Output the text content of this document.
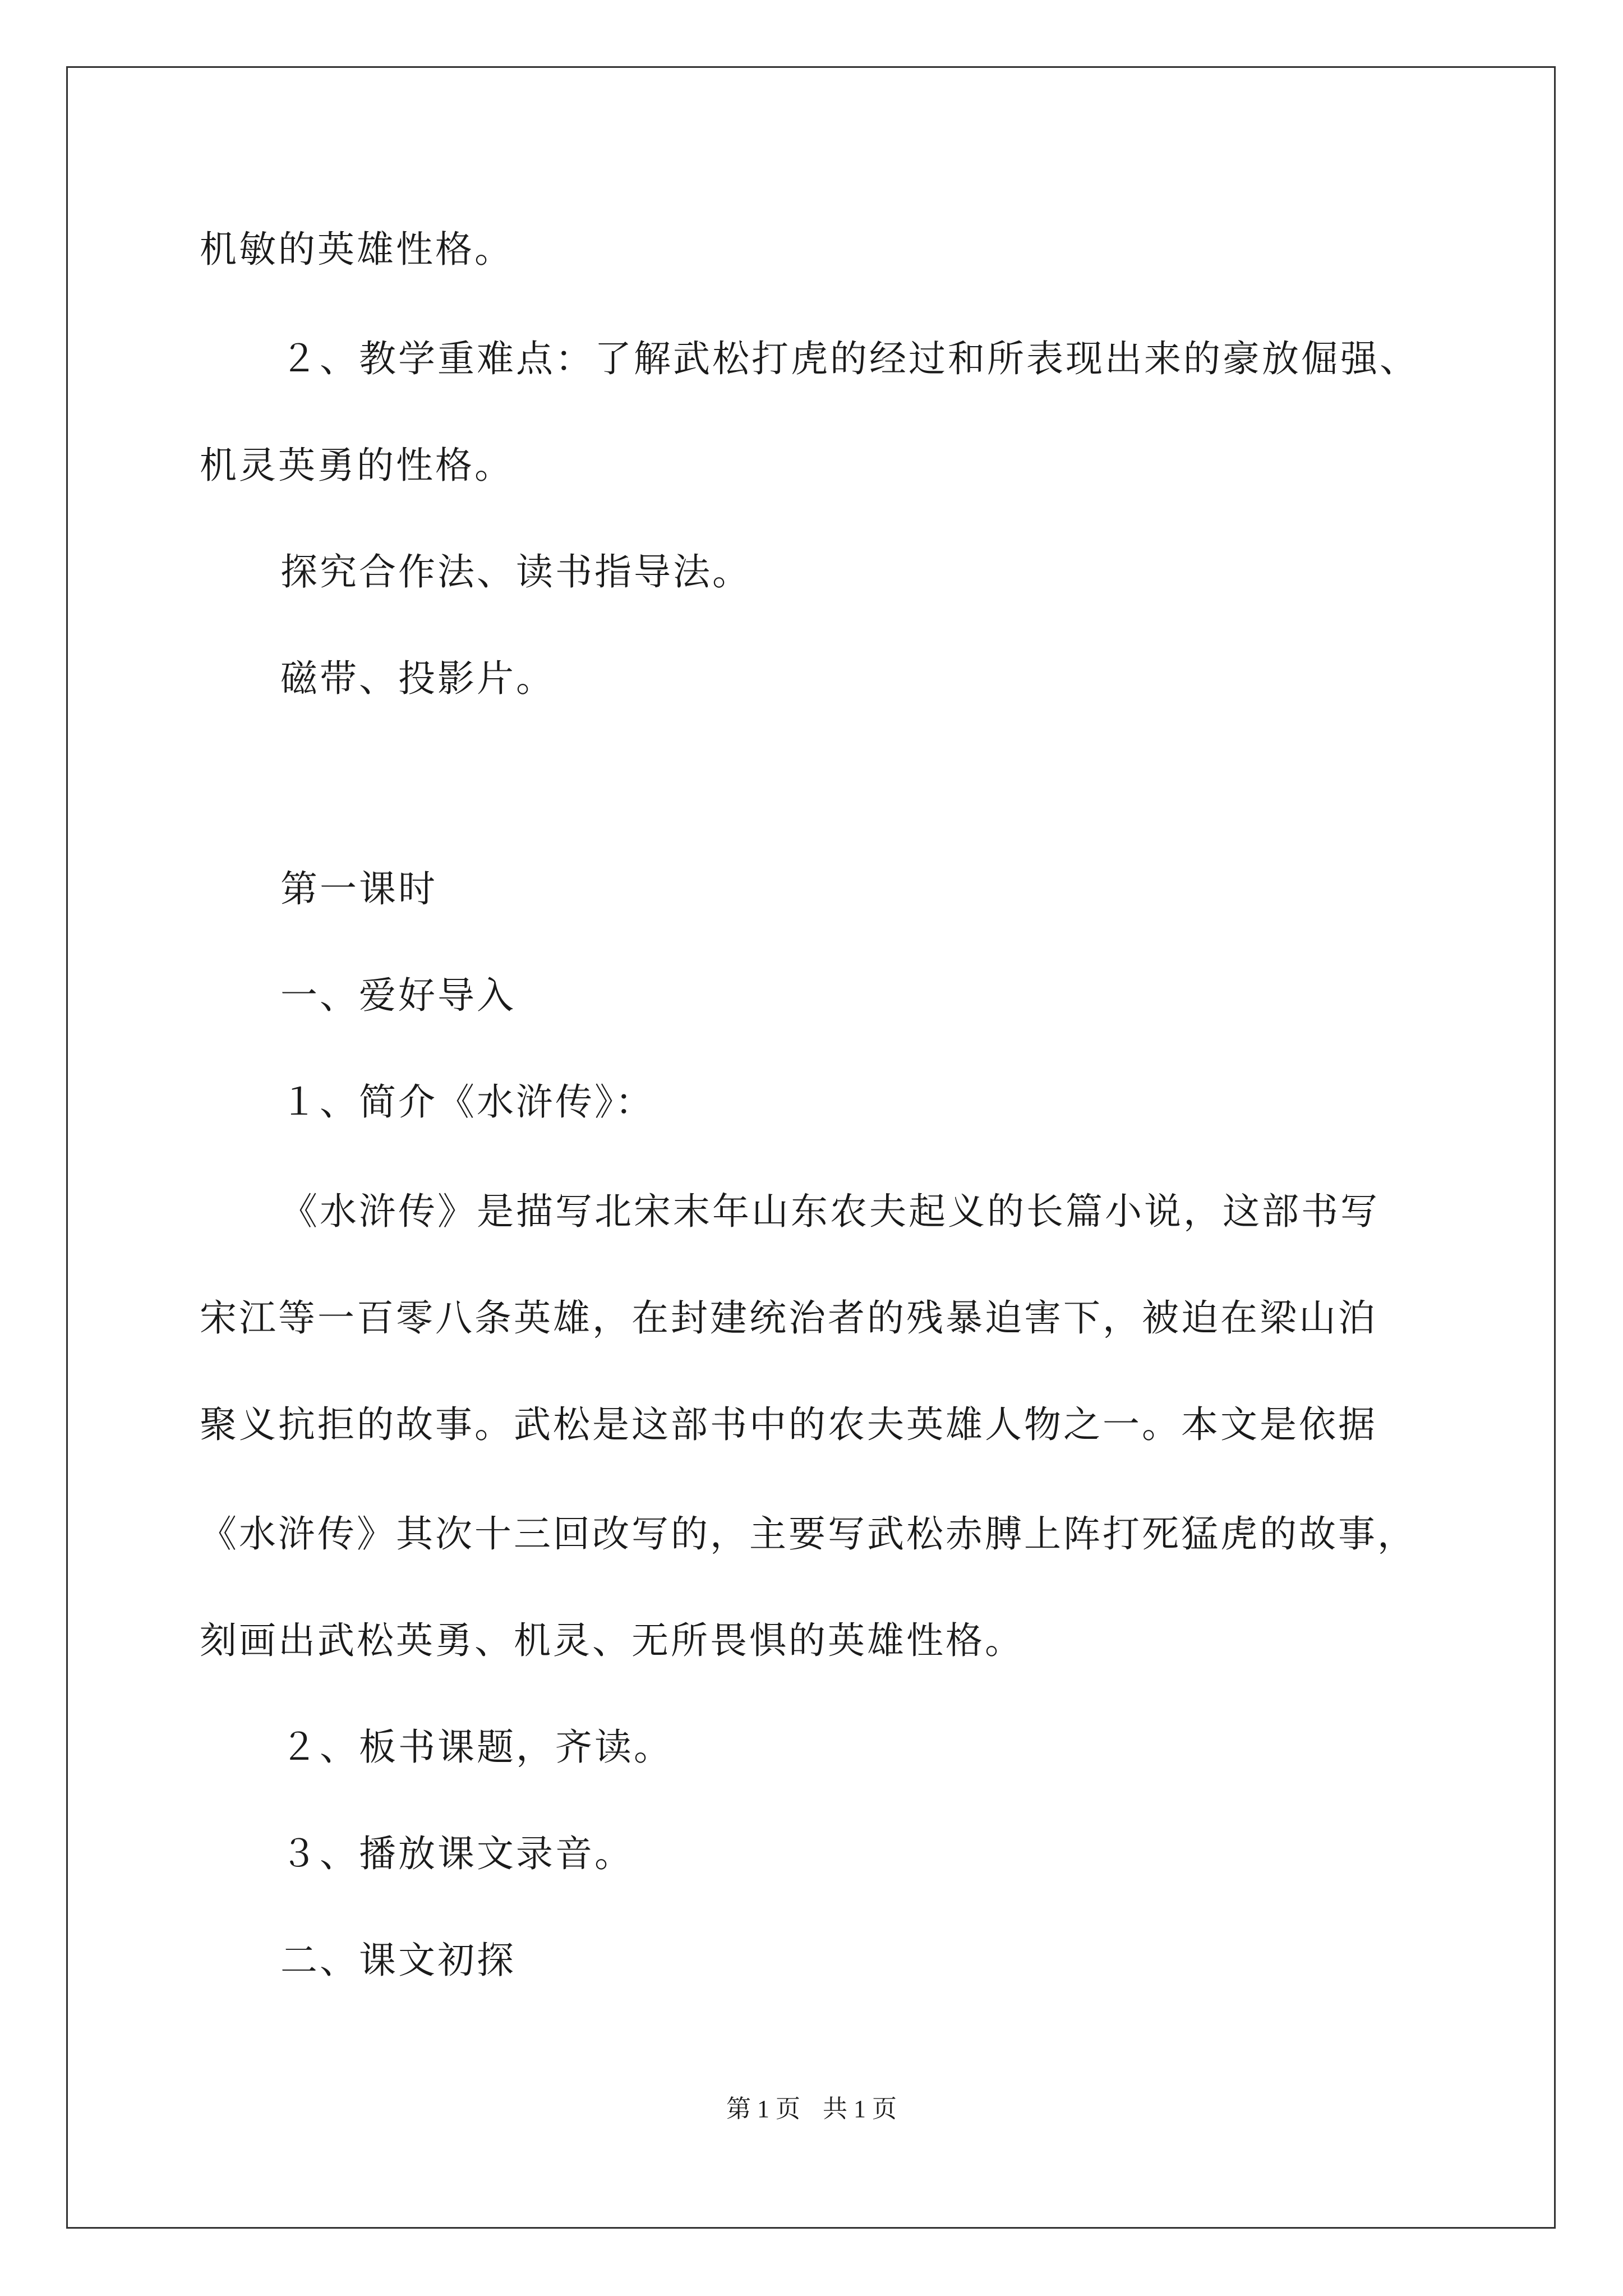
机敏的英雄性格。
２、教学重难点：了解武松打虎的经过和所表现出来的豪放倔强、
机灵英勇的性格。
探究合作法、读书指导法。
磁带、投影片。
第一课时
一、爱好导入
１、简介《水浒传》：
《水浒传》是描写北宋末年山东农夫起义的长篇小说，这部书写
宋江等一百零八条英雄，在封建统治者的残暴迫害下，被迫在梁山泊
聚义抗拒的故事。武松是这部书中的农夫英雄人物之一。本文是依据
《水浒传》其次十三回改写的，主要写武松赤膊上阵打死猛虎的故事，
刻画出武松英勇、机灵、无所畏惧的英雄性格。
２、板书课题，齐读。
３、播放课文录音。
二、课文初探
第 1 页 共 1 页
